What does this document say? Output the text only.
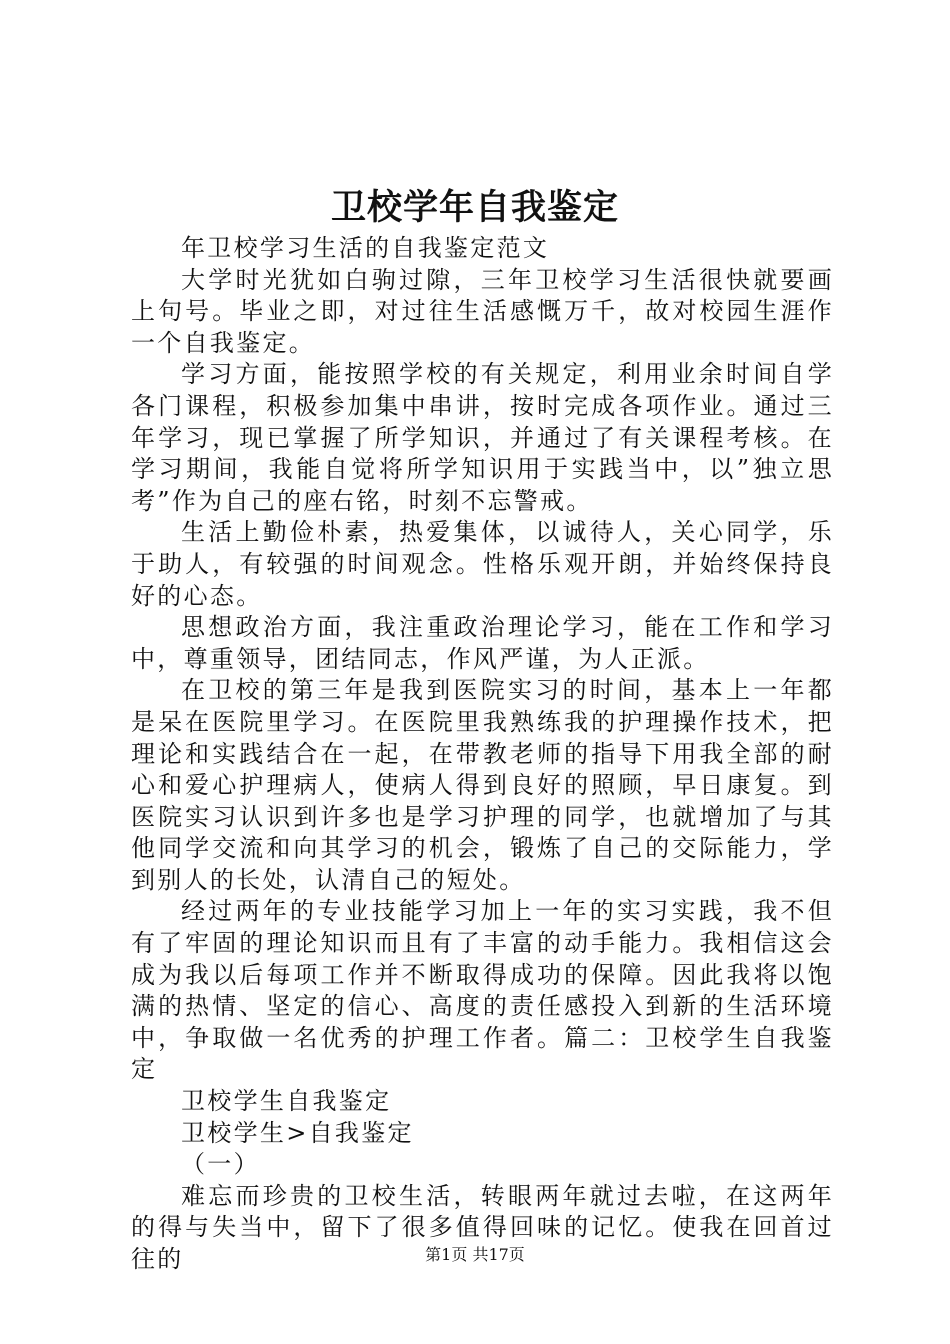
卫校学年自我鉴定

年卫校学习生活的自我鉴定范文

大学时光犹如白驹过隙，三年卫校学习生活很快就要画上句号。毕业之即，对过往生活感慨万千，故对校园生涯作一个自我鉴定。

学习方面，能按照学校的有关规定，利用业余时间自学各门课程，积极参加集中串讲，按时完成各项作业。通过三年学习，现已掌握了所学知识，并通过了有关课程考核。在学习期间，我能自觉将所学知识用于实践当中，以”独立思考”作为自己的座右铭，时刻不忘警戒。

生活上勤俭朴素，热爱集体，以诚待人，关心同学，乐于助人，有较强的时间观念。性格乐观开朗，并始终保持良好的心态。

思想政治方面，我注重政治理论学习，能在工作和学习中，尊重领导，团结同志，作风严谨，为人正派。

在卫校的第三年是我到医院实习的时间，基本上一年都是呆在医院里学习。在医院里我熟练我的护理操作技术，把理论和实践结合在一起，在带教老师的指导下用我全部的耐心和爱心护理病人，使病人得到良好的照顾，早日康复。到医院实习认识到许多也是学习护理的同学，也就增加了与其他同学交流和向其学习的机会，锻炼了自己的交际能力，学到别人的长处，认清自己的短处。

经过两年的专业技能学习加上一年的实习实践，我不但有了牢固的理论知识而且有了丰富的动手能力。我相信这会成为我以后每项工作并不断取得成功的保障。因此我将以饱满的热情、坚定的信心、高度的责任感投入到新的生活环境中，争取做一名优秀的护理工作者。篇二：卫校学生自我鉴定

卫校学生自我鉴定

卫校学生>自我鉴定

（一）

难忘而珍贵的卫校生活，转眼两年就过去啦，在这两年的得与失当中，留下了很多值得回味的记忆。使我在回首过往的	第1页 共17页
